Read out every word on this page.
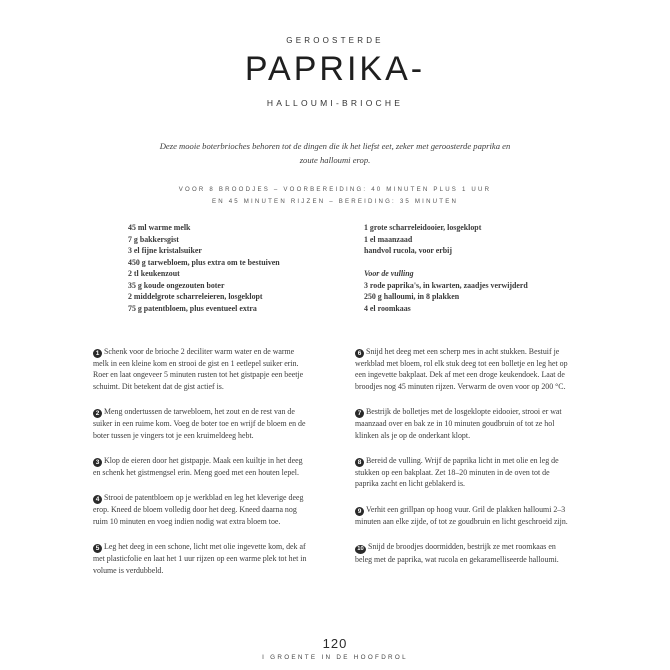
GEROOSTERDE
PAPRIKA-
HALLOUMI-BRIOCHE
Deze mooie boterbrioches behoren tot de dingen die ik het liefst eet, zeker met geroosterde paprika en zoute halloumi erop.
VOOR 8 BROODJES – VOORBEREIDING: 40 MINUTEN PLUS 1 UUR
EN 45 MINUTEN RIJZEN – BEREIDING: 35 MINUTEN
45 ml warme melk
7 g bakkersgist
3 el fijne kristalsuiker
450 g tarwebloem, plus extra om te bestuiven
2 tl keukenzout
35 g koude ongezouten boter
2 middelgrote scharreleieren, losgeklopt
75 g patentbloem, plus eventueel extra
1 grote scharreleidooier, losgeklopt
1 el maanzaad
handvol rucola, voor erbij
Voor de vulling
3 rode paprika's, in kwarten, zaadjes verwijderd
250 g halloumi, in 8 plakken
4 el roomkaas
1 Schenk voor de brioche 2 deciliter warm water en de warme melk in een kleine kom en strooi de gist en 1 eetlepel suiker erin. Roer en laat ongeveer 5 minuten rusten tot het gistpapje een beetje schuimt. Dit betekent dat de gist actief is.
2 Meng ondertussen de tarwebloem, het zout en de rest van de suiker in een ruime kom. Voeg de boter toe en wrijf de bloem en de boter tussen je vingers tot je een kruimeldeeg hebt.
3 Klop de eieren door het gistpapje. Maak een kuiltje in het deeg en schenk het gistmengsel erin. Meng goed met een houten lepel.
4 Strooi de patentbloem op je werkblad en leg het kleverige deeg erop. Kneed de bloem volledig door het deeg. Kneed daarna nog ruim 10 minuten en voeg indien nodig wat extra bloem toe.
5 Leg het deeg in een schone, licht met olie ingevette kom, dek af met plasticfolie en laat het 1 uur rijzen op een warme plek tot het in volume is verdubbeld.
6 Snijd het deeg met een scherp mes in acht stukken. Bestuif je werkblad met bloem, rol elk stuk deeg tot een bolletje en leg het op een ingevette bakplaat. Dek af met een droge keukendoek. Laat de broodjes nog 45 minuten rijzen. Verwarm de oven voor op 200 °C.
7 Bestrijk de bolletjes met de losgeklopte eidooier, strooi er wat maanzaad over en bak ze in 10 minuten goudbruin of tot ze hol klinken als je op de onderkant klopt.
8 Bereid de vulling. Wrijf de paprika licht in met olie en leg de stukken op een bakplaat. Zet 18–20 minuten in de oven tot de paprika zacht en licht geblakerd is.
9 Verhit een grillpan op hoog vuur. Gril de plakken halloumi 2–3 minuten aan elke zijde, of tot ze goudbruin en licht geschroeid zijn.
10 Snijd de broodjes doormidden, bestrijk ze met roomkaas en beleg met de paprika, wat rucola en gekaramelliseerde halloumi.
120
I GROENTE IN DE HOOFDROL
